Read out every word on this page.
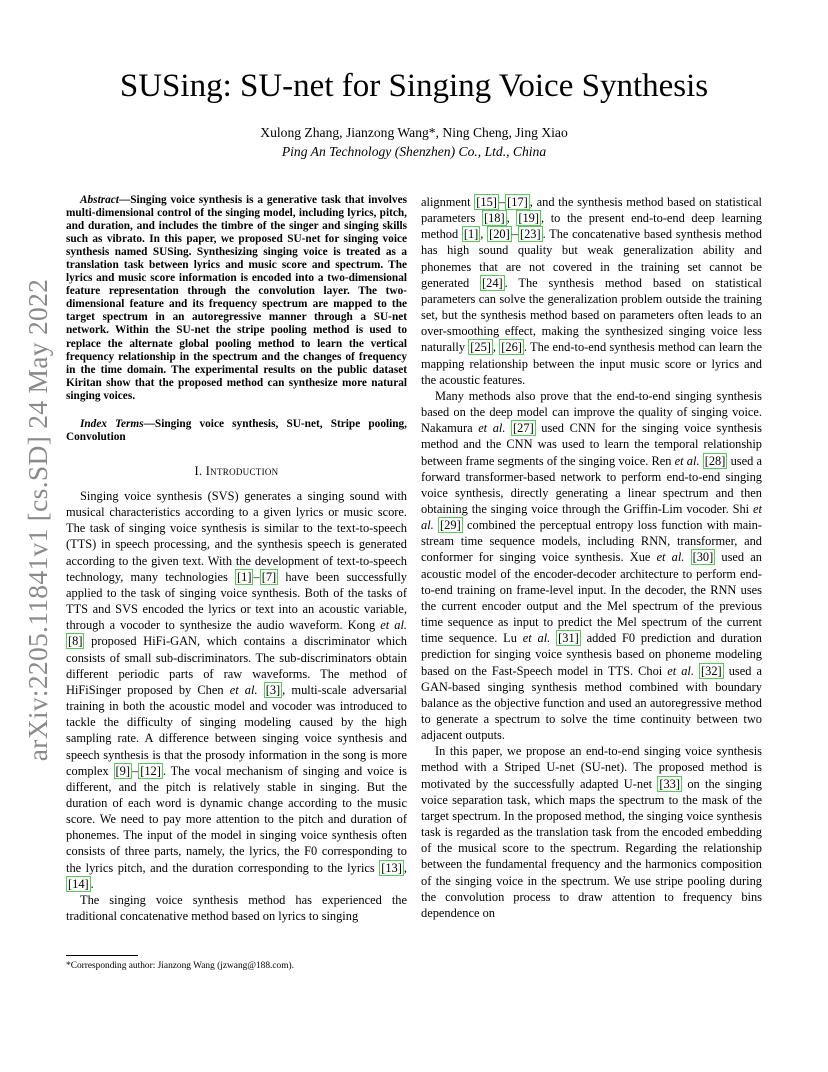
arXiv:2205.11841v1 [cs.SD] 24 May 2022
SUSing: SU-net for Singing Voice Synthesis
Xulong Zhang, Jianzong Wang*, Ning Cheng, Jing Xiao
Ping An Technology (Shenzhen) Co., Ltd., China

Abstract—Singing voice synthesis is a generative task that involves multi-dimensional control of the singing model, including lyrics, pitch, and duration, and includes the timbre of the singer and singing skills such as vibrato. In this paper, we proposed SU-net for singing voice synthesis named SUSing. Synthesizing singing voice is treated as a translation task between lyrics and music score and spectrum. The lyrics and music score information is encoded into a two-dimensional feature representation through the convolution layer. The two-dimensional feature and its frequency spectrum are mapped to the target spectrum in an autoregressive manner through a SU-net network. Within the SU-net the stripe pooling method is used to replace the alternate global pooling method to learn the vertical frequency relationship in the spectrum and the changes of frequency in the time domain. The experimental results on the public dataset Kiritan show that the proposed method can synthesize more natural singing voices.

Index Terms—Singing voice synthesis, SU-net, Stripe pooling, Convolution

I. Introduction

Singing voice synthesis (SVS) generates a singing sound with musical characteristics according to a given lyrics or music score. The task of singing voice synthesis is similar to the text-to-speech (TTS) in speech processing, and the synthesis speech is generated according to the given text. With the development of text-to-speech technology, many technologies [1] – [7] have been successfully applied to the task of singing voice synthesis. Both of the tasks of TTS and SVS encoded the lyrics or text into an acoustic variable, through a vocoder to synthesize the audio waveform. Kong et al. [8] proposed HiFi-GAN, which contains a discriminator which consists of small sub-discriminators. The sub-discriminators obtain different periodic parts of raw waveforms. The method of HiFiSinger proposed by Chen et al. [3] , multi-scale adversarial training in both the acoustic model and vocoder was introduced to tackle the difficulty of singing modeling caused by the high sampling rate. A difference between singing voice synthesis and speech synthesis is that the prosody information in the song is more complex [9] – [12] . The vocal mechanism of singing and voice is different, and the pitch is relatively stable in singing. But the duration of each word is dynamic change according to the music score. We need to pay more attention to the pitch and duration of phonemes. The input of the model in singing voice synthesis often consists of three parts, namely, the lyrics, the F0 corresponding to the lyrics pitch, and the duration corresponding to the lyrics [13] , [14] .

The singing voice synthesis method has experienced the traditional concatenative method based on lyrics to singing

alignment [15] – [17] , and the synthesis method based on statistical parameters [18] , [19] , to the present end-to-end deep learning method [1] , [20] – [23] . The concatenative based synthesis method has high sound quality but weak generalization ability and phonemes that are not covered in the training set cannot be generated [24] . The synthesis method based on statistical parameters can solve the generalization problem outside the training set, but the synthesis method based on parameters often leads to an over-smoothing effect, making the synthesized singing voice less naturally [25] , [26] . The end-to-end synthesis method can learn the mapping relationship between the input music score or lyrics and the acoustic features.

Many methods also prove that the end-to-end singing synthesis based on the deep model can improve the quality of singing voice. Nakamura et al. [27] used CNN for the singing voice synthesis method and the CNN was used to learn the temporal relationship between frame segments of the singing voice. Ren et al. [28] used a forward transformer-based network to perform end-to-end singing voice synthesis, directly generating a linear spectrum and then obtaining the singing voice through the Griffin-Lim vocoder. Shi et al. [29] combined the perceptual entropy loss function with main-stream time sequence models, including RNN, transformer, and conformer for singing voice synthesis. Xue et al. [30] used an acoustic model of the encoder-decoder architecture to perform end-to-end training on frame-level input. In the decoder, the RNN uses the current encoder output and the Mel spectrum of the previous time sequence as input to predict the Mel spectrum of the current time sequence. Lu et al. [31] added F0 prediction and duration prediction for singing voice synthesis based on phoneme modeling based on the Fast-Speech model in TTS. Choi et al. [32] used a GAN-based singing synthesis method combined with boundary balance as the objective function and used an autoregressive method to generate a spectrum to solve the time continuity between two adjacent outputs.

In this paper, we propose an end-to-end singing voice synthesis method with a Striped U-net (SU-net). The proposed method is motivated by the successfully adapted U-net [33] on the singing voice separation task, which maps the spectrum to the mask of the target spectrum. In the proposed method, the singing voice synthesis task is regarded as the translation task from the encoded embedding of the musical score to the spectrum. Regarding the relationship between the fundamental frequency and the harmonics composition of the singing voice in the spectrum. We use stripe pooling during the convolution process to draw attention to frequency bins dependence on

*Corresponding author: Jianzong Wang (jzwang@188.com).
